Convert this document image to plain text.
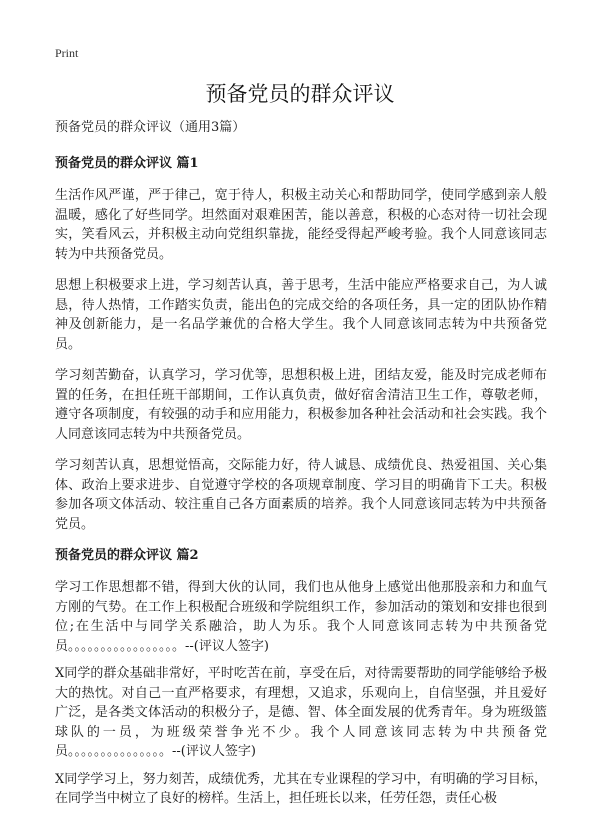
Print
预备党员的群众评议
预备党员的群众评议（通用3篇）
预备党员的群众评议 篇1

生活作风严谨，严于律己，宽于待人，积极主动关心和帮助同学，使同学感到亲人般温暖，感化了好些同学。坦然面对艰难困苦，能以善意，积极的心态对待一切社会现实，笑看风云，并积极主动向党组织靠拢，能经受得起严峻考验。我个人同意该同志转为中共预备党员。

思想上积极要求上进，学习刻苦认真，善于思考，生活中能应严格要求自己，为人诚恳，待人热情，工作踏实负责，能出色的完成交给的各项任务，具一定的团队协作精神及创新能力，是一名品学兼优的合格大学生。我个人同意该同志转为中共预备党员。

学习刻苦勤奋，认真学习，学习优等，思想积极上进，团结友爱，能及时完成老师布置的任务，在担任班干部期间，工作认真负责，做好宿舍清洁卫生工作，尊敬老师，遵守各项制度，有较强的动手和应用能力，积极参加各种社会活动和社会实践。我个人同意该同志转为中共预备党员。

学习刻苦认真，思想觉悟高，交际能力好，待人诚恳、成绩优良、热爱祖国、关心集体、政治上要求进步、自觉遵守学校的各项规章制度、学习目的明确肯下工夫。积极参加各项文体活动、较注重自己各方面素质的培养。我个人同意该同志转为中共预备党员。

预备党员的群众评议 篇2

学习工作思想都不错，得到大伙的认同，我们也从他身上感觉出他那股亲和力和血气方刚的气势。在工作上积极配合班级和学院组织工作，参加活动的策划和安排也很到位;在生活中与同学关系融洽，助人为乐。我个人同意该同志转为中共预备党员。。。。。。。。。。。。。。。。。--(评议人签字)

X同学的群众基础非常好，平时吃苦在前，享受在后，对待需要帮助的同学能够给予极大的热忱。对自己一直严格要求，有理想，又追求，乐观向上，自信坚强，并且爱好广泛，是各类文体活动的积极分子，是德、智、体全面发展的优秀青年。身为班级篮球队的一员，为班级荣誉争光不少。我个人同意该同志转为中共预备党员。。。。。。。。。。。。。。。--(评议人签字)

X同学学习上，努力刻苦，成绩优秀，尤其在专业课程的学习中，有明确的学习目标，在同学当中树立了良好的榜样。生活上，担任班长以来，任劳任怨，责任心极
